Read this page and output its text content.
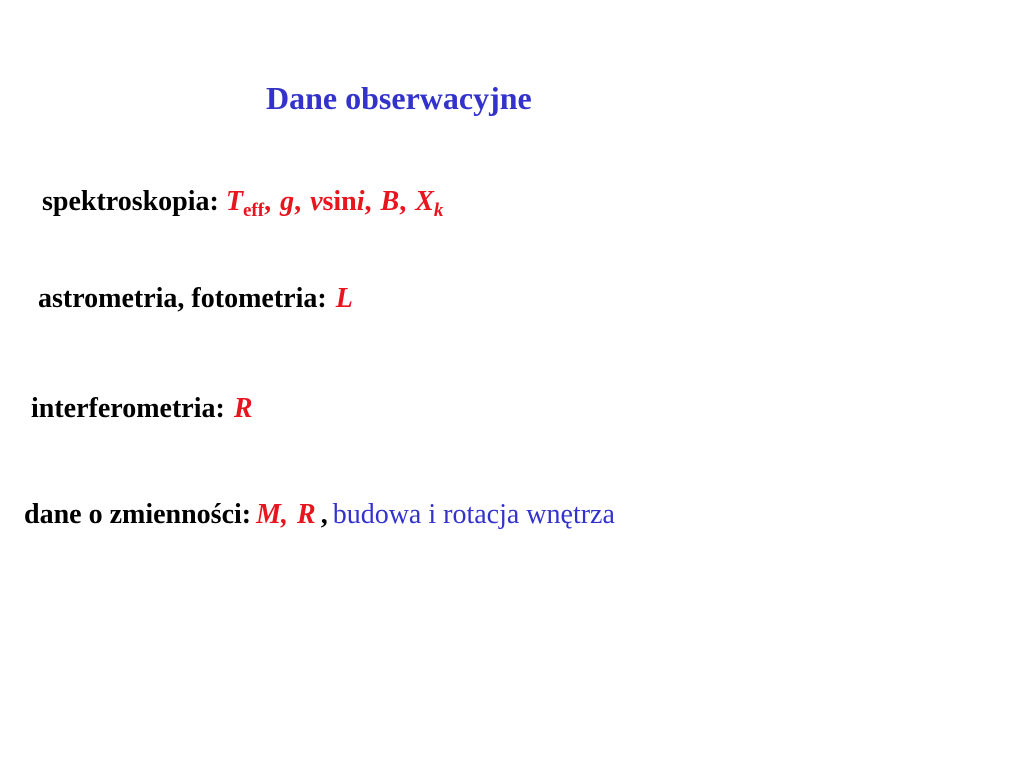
Dane obserwacyjne
spektroskopia: $T_{eff}$, g, vsini, B, $X_k$
astrometria, fotometria: L
interferometria: R
dane o zmienności: M, R , budowa i rotacja wnętrza
